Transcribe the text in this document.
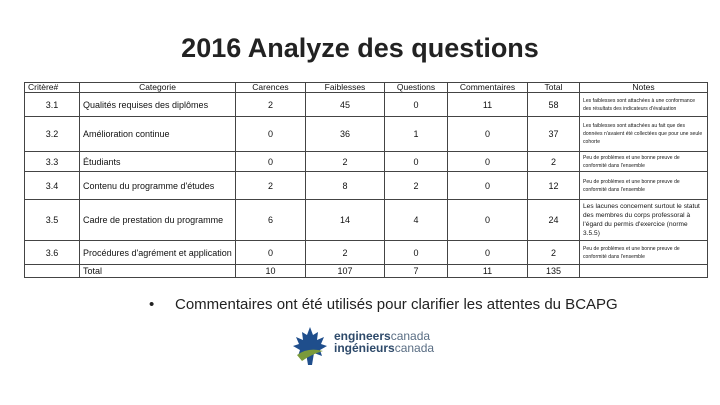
2016 Analyze des questions
Critère#	Categorie	Carences	Faiblesses	Questions	Commentaires	Total	Notes
3.1	Qualités requises des diplômes	2	45	0	11	58	Les faiblesses sont attachées à une conformance des résultats des indicateurs d'évaluation
3.2	Amélioration continue	0	36	1	0	37	Les faiblesses sont attachées au fait que des données n'avaient été collectées que pour une seule cohorte
3.3	Étudiants	0	2	0	0	2	Peu de problèmes et une bonne preuve de conformité dans l'ensemble
3.4	Contenu du programme d'études	2	8	2	0	12	Peu de problèmes et une bonne preuve de conformité dans l'ensemble
3.5	Cadre de prestation du programme	6	14	4	0	24	Les lacunes concernent surtout le statut des membres du corps professoral à l'égard du permis d'exercice (norme 3.5.5)
3.6	Procédures d'agrément et application	0	2	0	0	2	Peu de problèmes et une bonne preuve de conformité dans l'ensemble
	Total	10	107	7	11	135	
• Commentaires ont été utilisés pour clarifier les attentes du BCAPG
engineerscanada
ingénieurscanada
